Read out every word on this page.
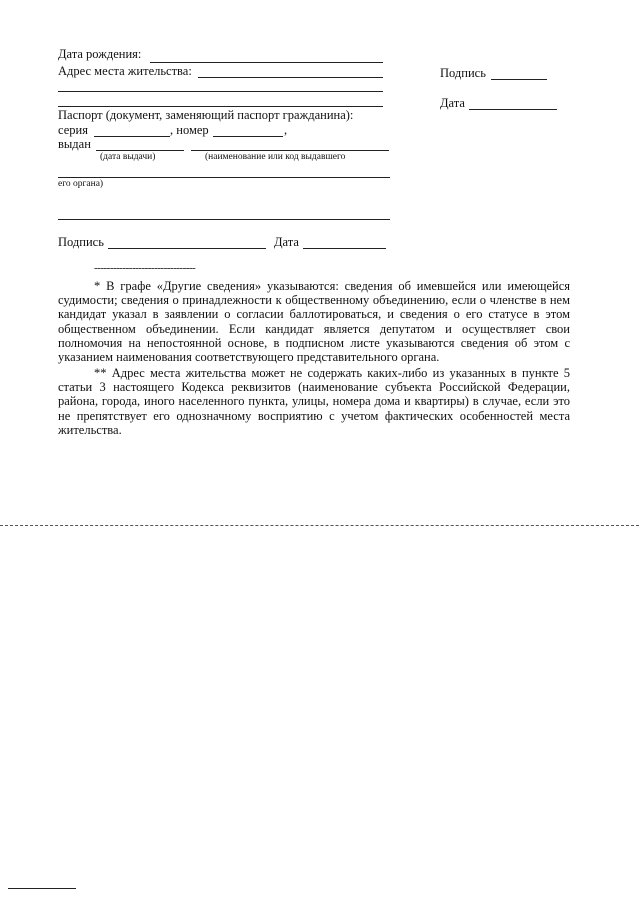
Дата рождения:
Адрес места жительства:
Паспорт (документ, заменяющий паспорт гражданина):
серия	, номер	,
выдан
(дата выдачи)	(наименование или код выдавшего
его органа)
Подпись	Дата
Подпись
Дата
--------------------------------
* В графе «Другие сведения» указываются: сведения об имевшейся или имеющейся судимости; сведения о принадлежности к общественному объединению, если о членстве в нем кандидат указал в заявлении о согласии баллотироваться, и сведения о его статусе в этом общественном объединении. Если кандидат является депутатом и осуществляет свои полномочия на непостоянной основе, в подписном листе указываются сведения об этом с указанием наименования соответствующего представительного органа.
** Адрес места жительства может не содержать каких-либо из указанных в пункте 5 статьи 3 настоящего Кодекса реквизитов (наименование субъекта Российской Федерации, района, города, иного населенного пункта, улицы, номера дома и квартиры) в случае, если это не препятствует его однозначному восприятию с учетом фактических особенностей места жительства.
